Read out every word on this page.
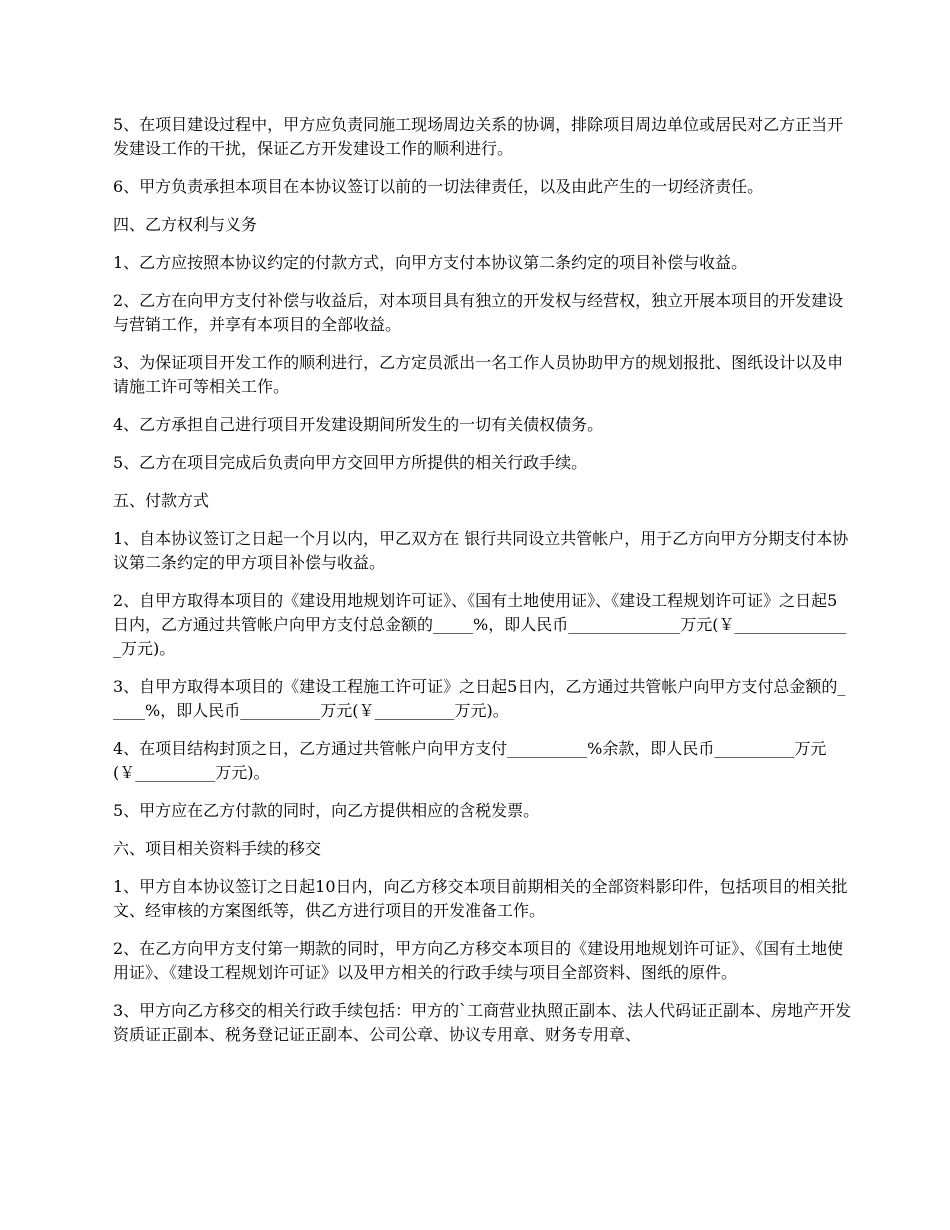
5、在项目建设过程中，甲方应负责同施工现场周边关系的协调，排除项目周边单位或居民对乙方正当开发建设工作的干扰，保证乙方开发建设工作的顺利进行。

6、甲方负责承担本项目在本协议签订以前的一切法律责任，以及由此产生的一切经济责任。

四、乙方权利与义务

1、乙方应按照本协议约定的付款方式，向甲方支付本协议第二条约定的项目补偿与收益。

2、乙方在向甲方支付补偿与收益后，对本项目具有独立的开发权与经营权，独立开展本项目的开发建设与营销工作，并享有本项目的全部收益。

3、为保证项目开发工作的顺利进行，乙方定员派出一名工作人员协助甲方的规划报批、图纸设计以及申请施工许可等相关工作。

4、乙方承担自己进行项目开发建设期间所发生的一切有关债权债务。

5、乙方在项目完成后负责向甲方交回甲方所提供的相关行政手续。

五、付款方式

1、自本协议签订之日起一个月以内，甲乙双方在 银行共同设立共管帐户，用于乙方向甲方分期支付本协议第二条约定的甲方项目补偿与收益。

2、自甲方取得本项目的《建设用地规划许可证》、《国有土地使用证》、《建设工程规划许可证》之日起5日内，乙方通过共管帐户向甲方支付总金额的_____%，即人民币______________万元(￥_______________万元)。

3、自甲方取得本项目的《建设工程施工许可证》之日起5日内，乙方通过共管帐户向甲方支付总金额的_____%，即人民币__________万元(￥__________万元)。

4、在项目结构封顶之日，乙方通过共管帐户向甲方支付__________%余款，即人民币__________万元(￥__________万元)。

5、甲方应在乙方付款的同时，向乙方提供相应的含税发票。

六、项目相关资料手续的移交

1、甲方自本协议签订之日起10日内，向乙方移交本项目前期相关的全部资料影印件，包括项目的相关批文、经审核的方案图纸等，供乙方进行项目的开发准备工作。

2、在乙方向甲方支付第一期款的同时，甲方向乙方移交本项目的《建设用地规划许可证》、《国有土地使用证》、《建设工程规划许可证》以及甲方相关的行政手续与项目全部资料、图纸的原件。

3、甲方向乙方移交的相关行政手续包括：甲方的`工商营业执照正副本、法人代码证正副本、房地产开发资质证正副本、税务登记证正副本、公司公章、协议专用章、财务专用章、
